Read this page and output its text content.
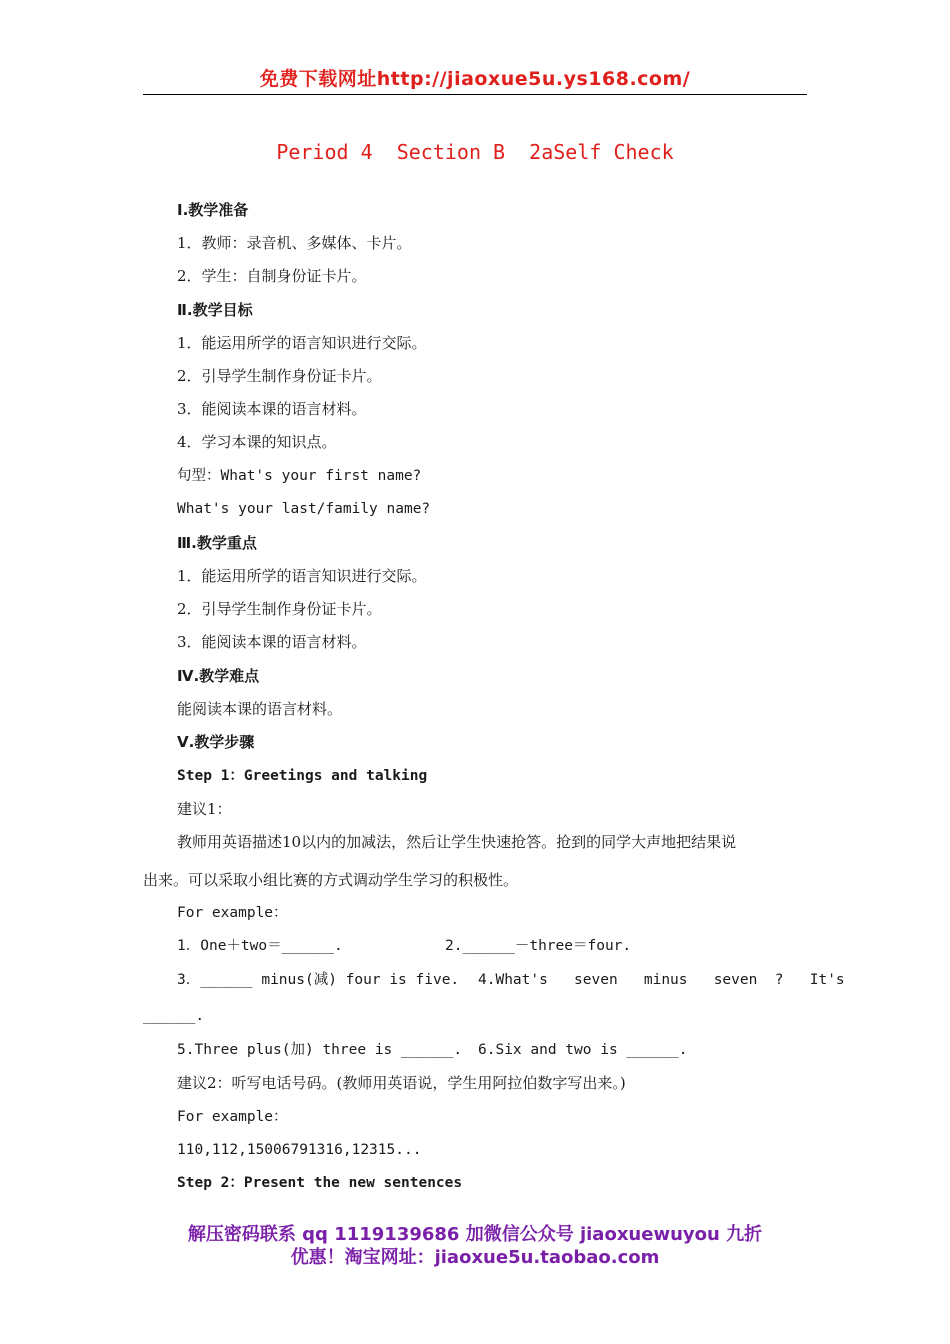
免费下载网址http://jiaoxue5u.ys168.com/
Period 4  Section B  2aSelf Check
Ⅰ.教学准备
1．教师：录音机、多媒体、卡片。
2．学生：自制身份证卡片。
Ⅱ.教学目标
1．能运用所学的语言知识进行交际。
2．引导学生制作身份证卡片。
3．能阅读本课的语言材料。
4．学习本课的知识点。
句型：What's your first name?
What's your last/family name?
Ⅲ.教学重点
1．能运用所学的语言知识进行交际。
2．引导学生制作身份证卡片。
3．能阅读本课的语言材料。
Ⅳ.教学难点
能阅读本课的语言材料。
Ⅴ.教学步骤
Step 1：Greetings and talking
建议1：
教师用英语描述10以内的加减法，然后让学生快速抢答。抢到的同学大声地把结果说
出来。可以采取小组比赛的方式调动学生学习的积极性。
For example：
1．One＋two＝______.	2.______－three＝four.
3．______ minus(减) four is five. 4.What's   seven   minus   seven  ?   It's
______.
5.Three plus(加) three is ______. 6.Six and two is ______.
建议2：听写电话号码。(教师用英语说，学生用阿拉伯数字写出来。)
For example：
110,112,15006791316,12315...
Step 2：Present the new sentences
解压密码联系 qq 1119139686 加微信公众号 jiaoxuewuyou 九折
优惠！淘宝网址：jiaoxue5u.taobao.com
